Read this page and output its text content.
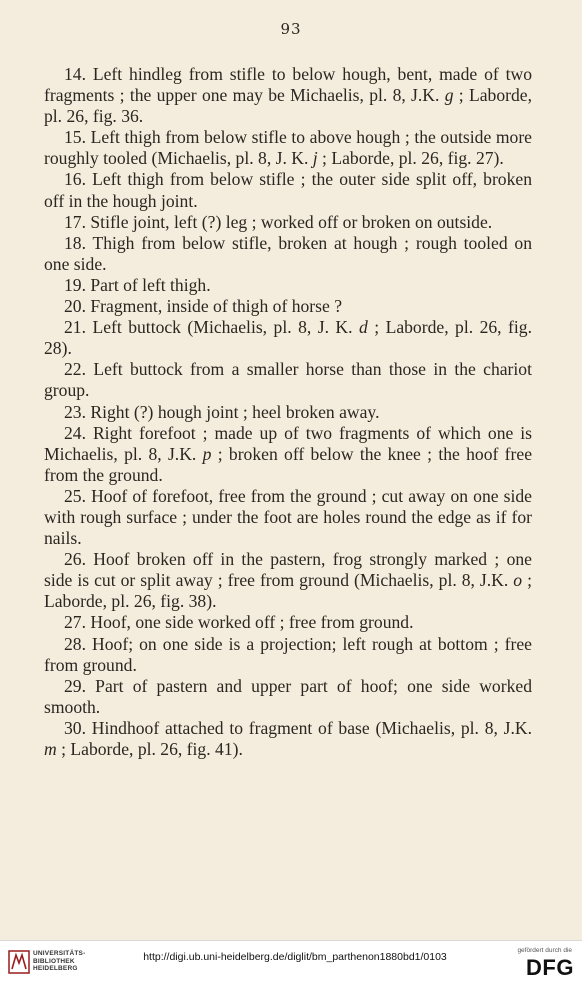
93

14. Left hindleg from stifle to below hough, bent, made of two fragments ; the upper one may be Michaelis, pl. 8, J.K. g ; Laborde, pl. 26, fig. 36.

15. Left thigh from below stifle to above hough ; the outside more roughly tooled (Michaelis, pl. 8, J. K. j ; Laborde, pl. 26, fig. 27).

16. Left thigh from below stifle ; the outer side split off, broken off in the hough joint.

17. Stifle joint, left (?) leg ; worked off or broken on outside.

18. Thigh from below stifle, broken at hough ; rough tooled on one side.

19. Part of left thigh.

20. Fragment, inside of thigh of horse ?

21. Left buttock (Michaelis, pl. 8, J. K. d ; Laborde, pl. 26, fig. 28).

22. Left buttock from a smaller horse than those in the chariot group.

23. Right (?) hough joint ; heel broken away.

24. Right forefoot ; made up of two fragments of which one is Michaelis, pl. 8, J.K. p ; broken off below the knee ; the hoof free from the ground.

25. Hoof of forefoot, free from the ground ; cut away on one side with rough surface ; under the foot are holes round the edge as if for nails.

26. Hoof broken off in the pastern, frog strongly marked ; one side is cut or split away ; free from ground (Michaelis, pl. 8, J.K. o ; Laborde, pl. 26, fig. 38).

27. Hoof, one side worked off ; free from ground.

28. Hoof; on one side is a projection; left rough at bottom ; free from ground.

29. Part of pastern and upper part of hoof; one side worked smooth.

30. Hindhoof attached to fragment of base (Michaelis, pl. 8, J.K. m ; Laborde, pl. 26, fig. 41).

UNIVERSITÄTS-
BIBLIOTHEK
HEIDELBERG
http://digi.ub.uni-heidelberg.de/diglit/bm_parthenon1880bd1/0103
gefördert durch die
DFG
